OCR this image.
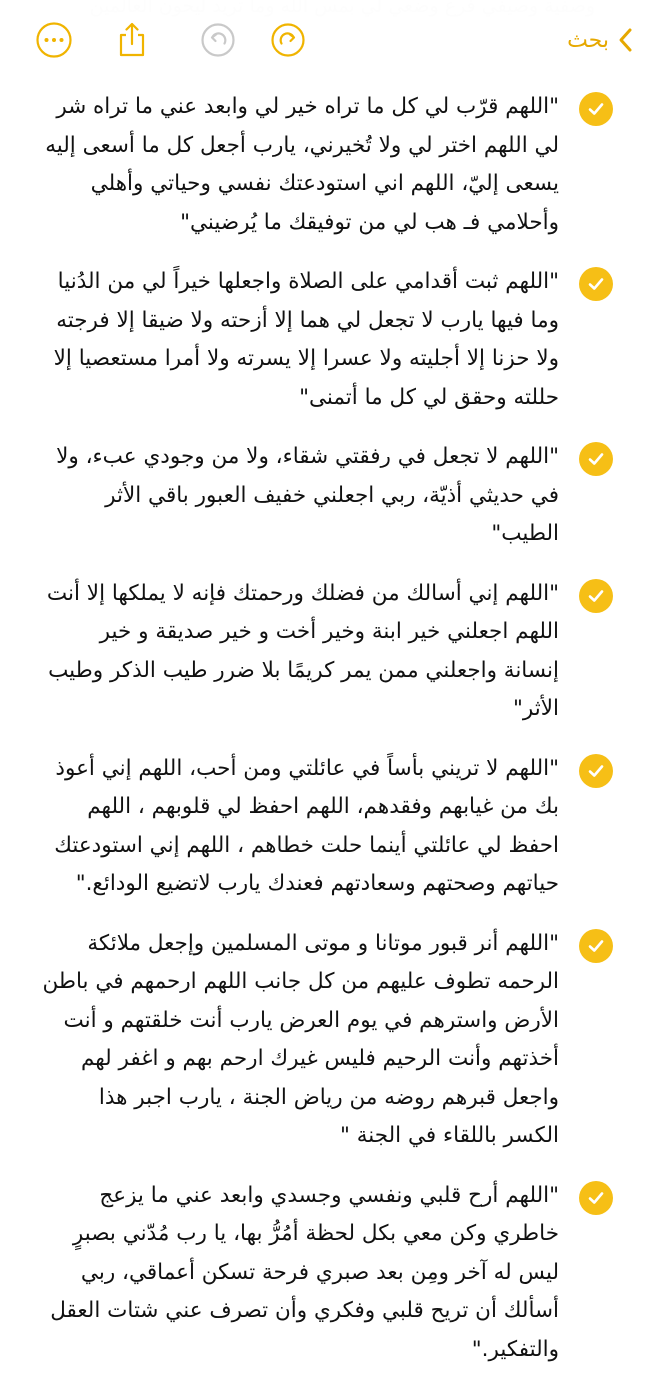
بحث

"اللهم قرّب لي كل ما تراه خير لي وابعد عني ما تراه شر لي اللهم اختر لي ولا تُخيرني، يارب أجعل كل ما أسعى إليه يسعى إليّ، اللهم اني استودعتك نفسي وحياتي وأهلي وأحلامي فـ هب لي من توفيقك ما يُرضيني"

"اللهم ثبت أقدامي على الصلاة واجعلها خيراً لي من الدُنيا وما فيها يارب لا تجعل لي هما إلا أزحته ولا ضيقا إلا فرجته ولا حزنا إلا أجليته ولا عسرا إلا يسرته ولا أمرا مستعصيا إلا حللته وحقق لي كل ما أتمنى"

"اللهم لا تجعل في رفقتي شقاء، ولا من وجودي عبء، ولا في حديثي أذيّة، ربي اجعلني خفيف العبور باقي الأثر الطيب"

"اللهم إني أسالك من فضلك ورحمتك فإنه لا يملكها إلا أنت اللهم اجعلني خير ابنة وخير أخت و خير صديقة و خير إنسانة واجعلني ممن يمر كريمًا بلا ضرر طيب الذكر وطيب الأثر"

"اللهم لا تريني بأساً في عائلتي ومن أحب، اللهم إني أعوذ بك من غيابهم وفقدهم، اللهم احفظ لي قلوبهم ، اللهم احفظ لي عائلتي أينما حلت خطاهم ، اللهم إني استودعتك حياتهم وصحتهم وسعادتهم فعندك يارب لاتضيع الودائع."

"اللهم أنر قبور موتانا و موتى المسلمين وإجعل ملائكة الرحمه تطوف عليهم من كل جانب اللهم ارحمهم في باطن الأرض واسترهم في يوم العرض يارب أنت خلقتهم و أنت أخذتهم وأنت الرحيم فليس غيرك ارحم بهم و اغفر لهم واجعل قبرهم روضه من رياض الجنة ، يارب اجبر هذا الكسر باللقاء في الجنة "

"اللهم أرح قلبي ونفسي وجسدي وابعد عني ما يزعج خاطري وكن معي بكل لحظة أمُرُّ بها، يا رب مُدّني بصبرٍ ليس له آخر ومِن بعد صبري فرحة تسكن أعماقي، ربي أسألك أن تريح قلبي وفكري وأن تصرف عني شتات العقل والتفكير."
